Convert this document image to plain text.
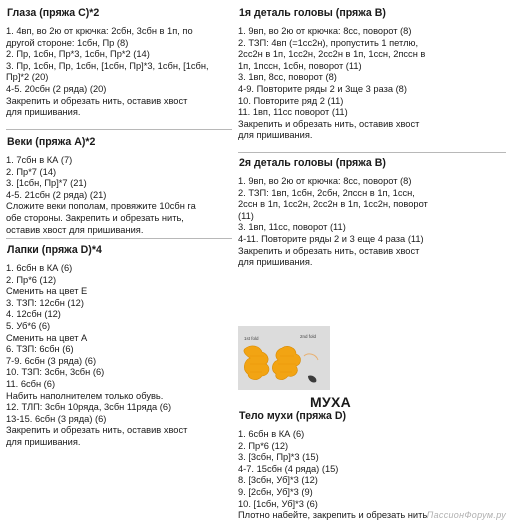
Глаза (пряжа С)*2
1. 4вп, во 2ю от крючка: 2сбн, 3сбн в 1п, по
другой стороне: 1сбн, Пр (8)
2. Пр, 1сбн, Пр*3, 1сбн, Пр*2 (14)
3. Пр, 1сбн, Пр, 1сбн, [1сбн, Пр]*3, 1сбн, [1сбн,
Пр]*2 (20)
4-5. 20сбн (2 ряда) (20)
Закрепить и обрезать нить, оставив хвост
для пришивания.
Веки (пряжа А)*2
1. 7сбн в КА (7)
2. Пр*7 (14)
3. [1сбн, Пр]*7 (21)
4-5. 21сбн (2 ряда) (21)
Сложите веки пополам, провяжите 10сбн га
обе стороны. Закрепить и обрезать нить,
оставив хвост для пришивания.
Лапки (пряжа D)*4
1. 6сбн в КА (6)
2. Пр*6 (12)
Сменить на цвет Е
3. ТЗП: 12сбн (12)
4. 12сбн (12)
5. Уб*6 (6)
Сменить на цвет А
6. ТЗП: 6сбн (6)
7-9. 6сбн (3 ряда) (6)
10. ТЗП: 3сбн, 3сбн (6)
11. 6сбн (6)
Набить наполнителем только обувь.
12. ТЛП: 3сбн 10ряда, 3сбн 11ряда (6)
13-15. 6сбн (3 ряда) (6)
Закрепить и обрезать нить, оставив хвост
для пришивания.
1я деталь головы (пряжа В)
1. 9вп, во 2ю от крючка: 8сс, поворот (8)
2. ТЗП: 4вп (=1сс2н), пропустить 1 петлю,
2сс2н в 1п, 1сс2н, 2сс2н в 1п, 1ссн, 2пссн в
1п, 1пссн, 1сбн, поворот (11)
3. 1вп, 8сс, поворот (8)
4-9. Повторите ряды 2 и 3ще 3 раза (8)
10. Повторите ряд 2 (11)
11. 1вп, 11сс поворот (11)
Закрепить и обрезать нить, оставив хвост
для пришивания.
2я деталь головы (пряжа В)
1. 9вп, во 2ю от крючка: 8сс, поворот (8)
2. ТЗП: 1вп, 1сбн, 2сбн, 2пссн в 1п, 1ссн,
2ссн в 1п, 1сс2н, 2сс2н в 1п, 1сс2н, поворот
(11)
3. 1вп, 11сс, поворот (11)
4-11. Повторите ряды 2 и 3 еще 4 раза (11)
Закрепить и обрезать нить, оставив хвост
для пришивания.
Тело мухи (пряжа D)
1. 6сбн в КА (6)
2. Пр*6 (12)
3. [3сбн, Пр]*3 (15)
4-7. 15сбн (4 ряда) (15)
8. [3сбн, Уб]*3 (12)
9. [2сбн, Уб]*3 (9)
10. [1сбн, Уб]*3 (6)
Плотно набейте, закрепить и обрезать нить
1st fold	2nd fold
МУХА
ПассионФорум.ру
